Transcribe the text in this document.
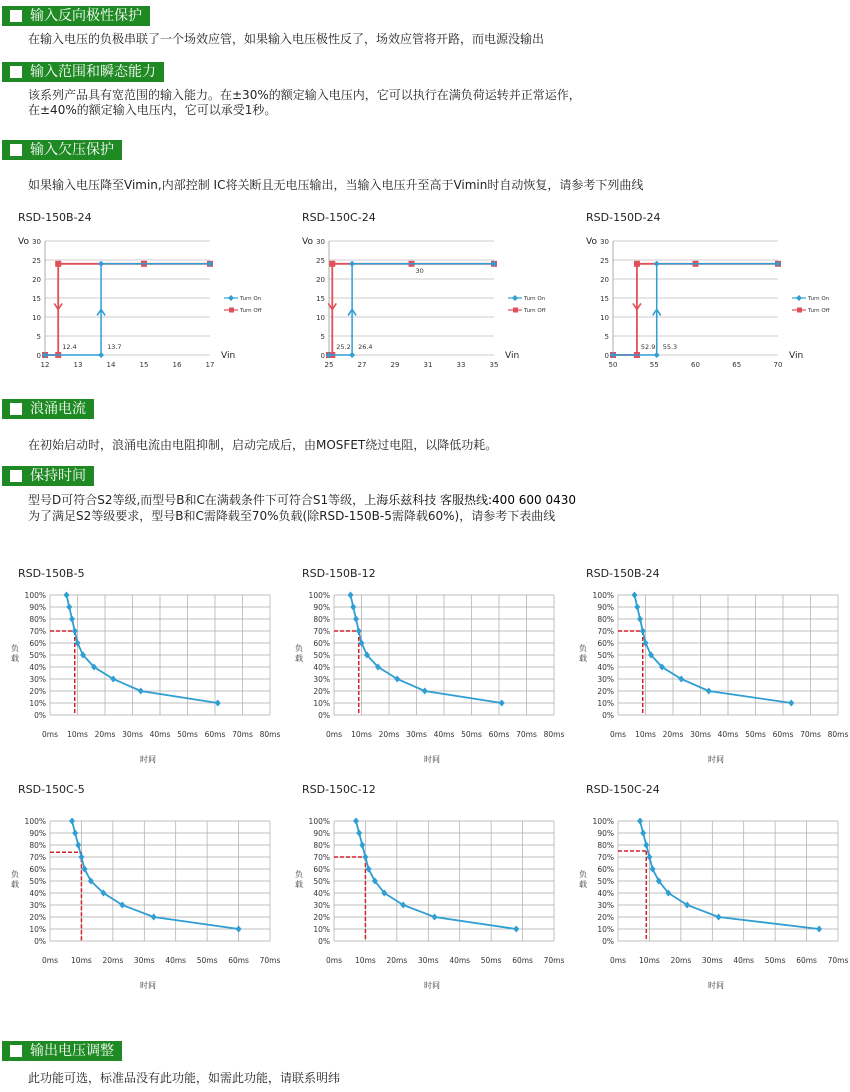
输入反向极性保护
在输入电压的负极串联了一个场效应管，如果输入电压极性反了，场效应管将开路，而电源没输出
输入范围和瞬态能力
该系列产品具有宽范围的输入能力。在±30%的额定输入电压内，它可以执行在满负荷运转并正常运作，
在±40%的额定输入电压内，它可以承受1秒。
输入欠压保护
如果输入电压降至Vimin,内部控制 IC将关断且无电压输出，当输入电压升至高于Vimin时自动恢复，请参考下列曲线
RSD-150B-24	RSD-150C-24	RSD-150D-24
0
5
10
15
20
25
30
12	13	14	15	16	17
Vo
Vin
12.4	13.7
Turn On
Turn Off
0
5
10
15
20
25
30
25	27	29	31	33	35
Vo
Vin
25.2 26.4
30
Turn On
Turn Off
0
5
10
15
20
25
30
50	55	60	65	70
Vo
Vin
52.9 55.3
Turn On
Turn Off
浪涌电流
在初始启动时，浪涌电流由电阻抑制，启动完成后，由MOSFET绕过电阻，以降低功耗。
保持时间
型号D可符合S2等级,而型号B和C在满载条件下可符合S1等级，上海乐兹科技 客服热线:400 600 0430
为了满足S2等级要求，型号B和C需降载至70%负载(除RSD-150B-5需降载60%)，请参考下表曲线
RSD-150B-5	RSD-150B-12	RSD-150B-24
0%
10%
20%
30%
40%
50%
60%
70%
80%
90%
100%
0ms 10ms 20ms 30ms 40ms 50ms 60ms 70ms 80ms
负
载
时间
0%
10%
20%
30%
40%
50%
60%
70%
80%
90%
100%
0ms 10ms 20ms 30ms 40ms 50ms 60ms 70ms 80ms
负
载
时间
0%
10%
20%
30%
40%
50%
60%
70%
80%
90%
100%
0ms 10ms 20ms 30ms 40ms 50ms 60ms 70ms 80ms
负
载
时间
RSD-150C-5	RSD-150C-12	RSD-150C-24
0%
10%
20%
30%
40%
50%
60%
70%
80%
90%
100%
0ms 10ms 20ms 30ms 40ms 50ms 60ms 70ms
负
载
时间
0%
10%
20%
30%
40%
50%
60%
70%
80%
90%
100%
0ms 10ms 20ms 30ms 40ms 50ms 60ms 70ms
负
载
时间
0%
10%
20%
30%
40%
50%
60%
70%
80%
90%
100%
0ms 10ms 20ms 30ms 40ms 50ms 60ms 70ms
负
载
时间
输出电压调整
此功能可选，标准品没有此功能，如需此功能，请联系明纬
